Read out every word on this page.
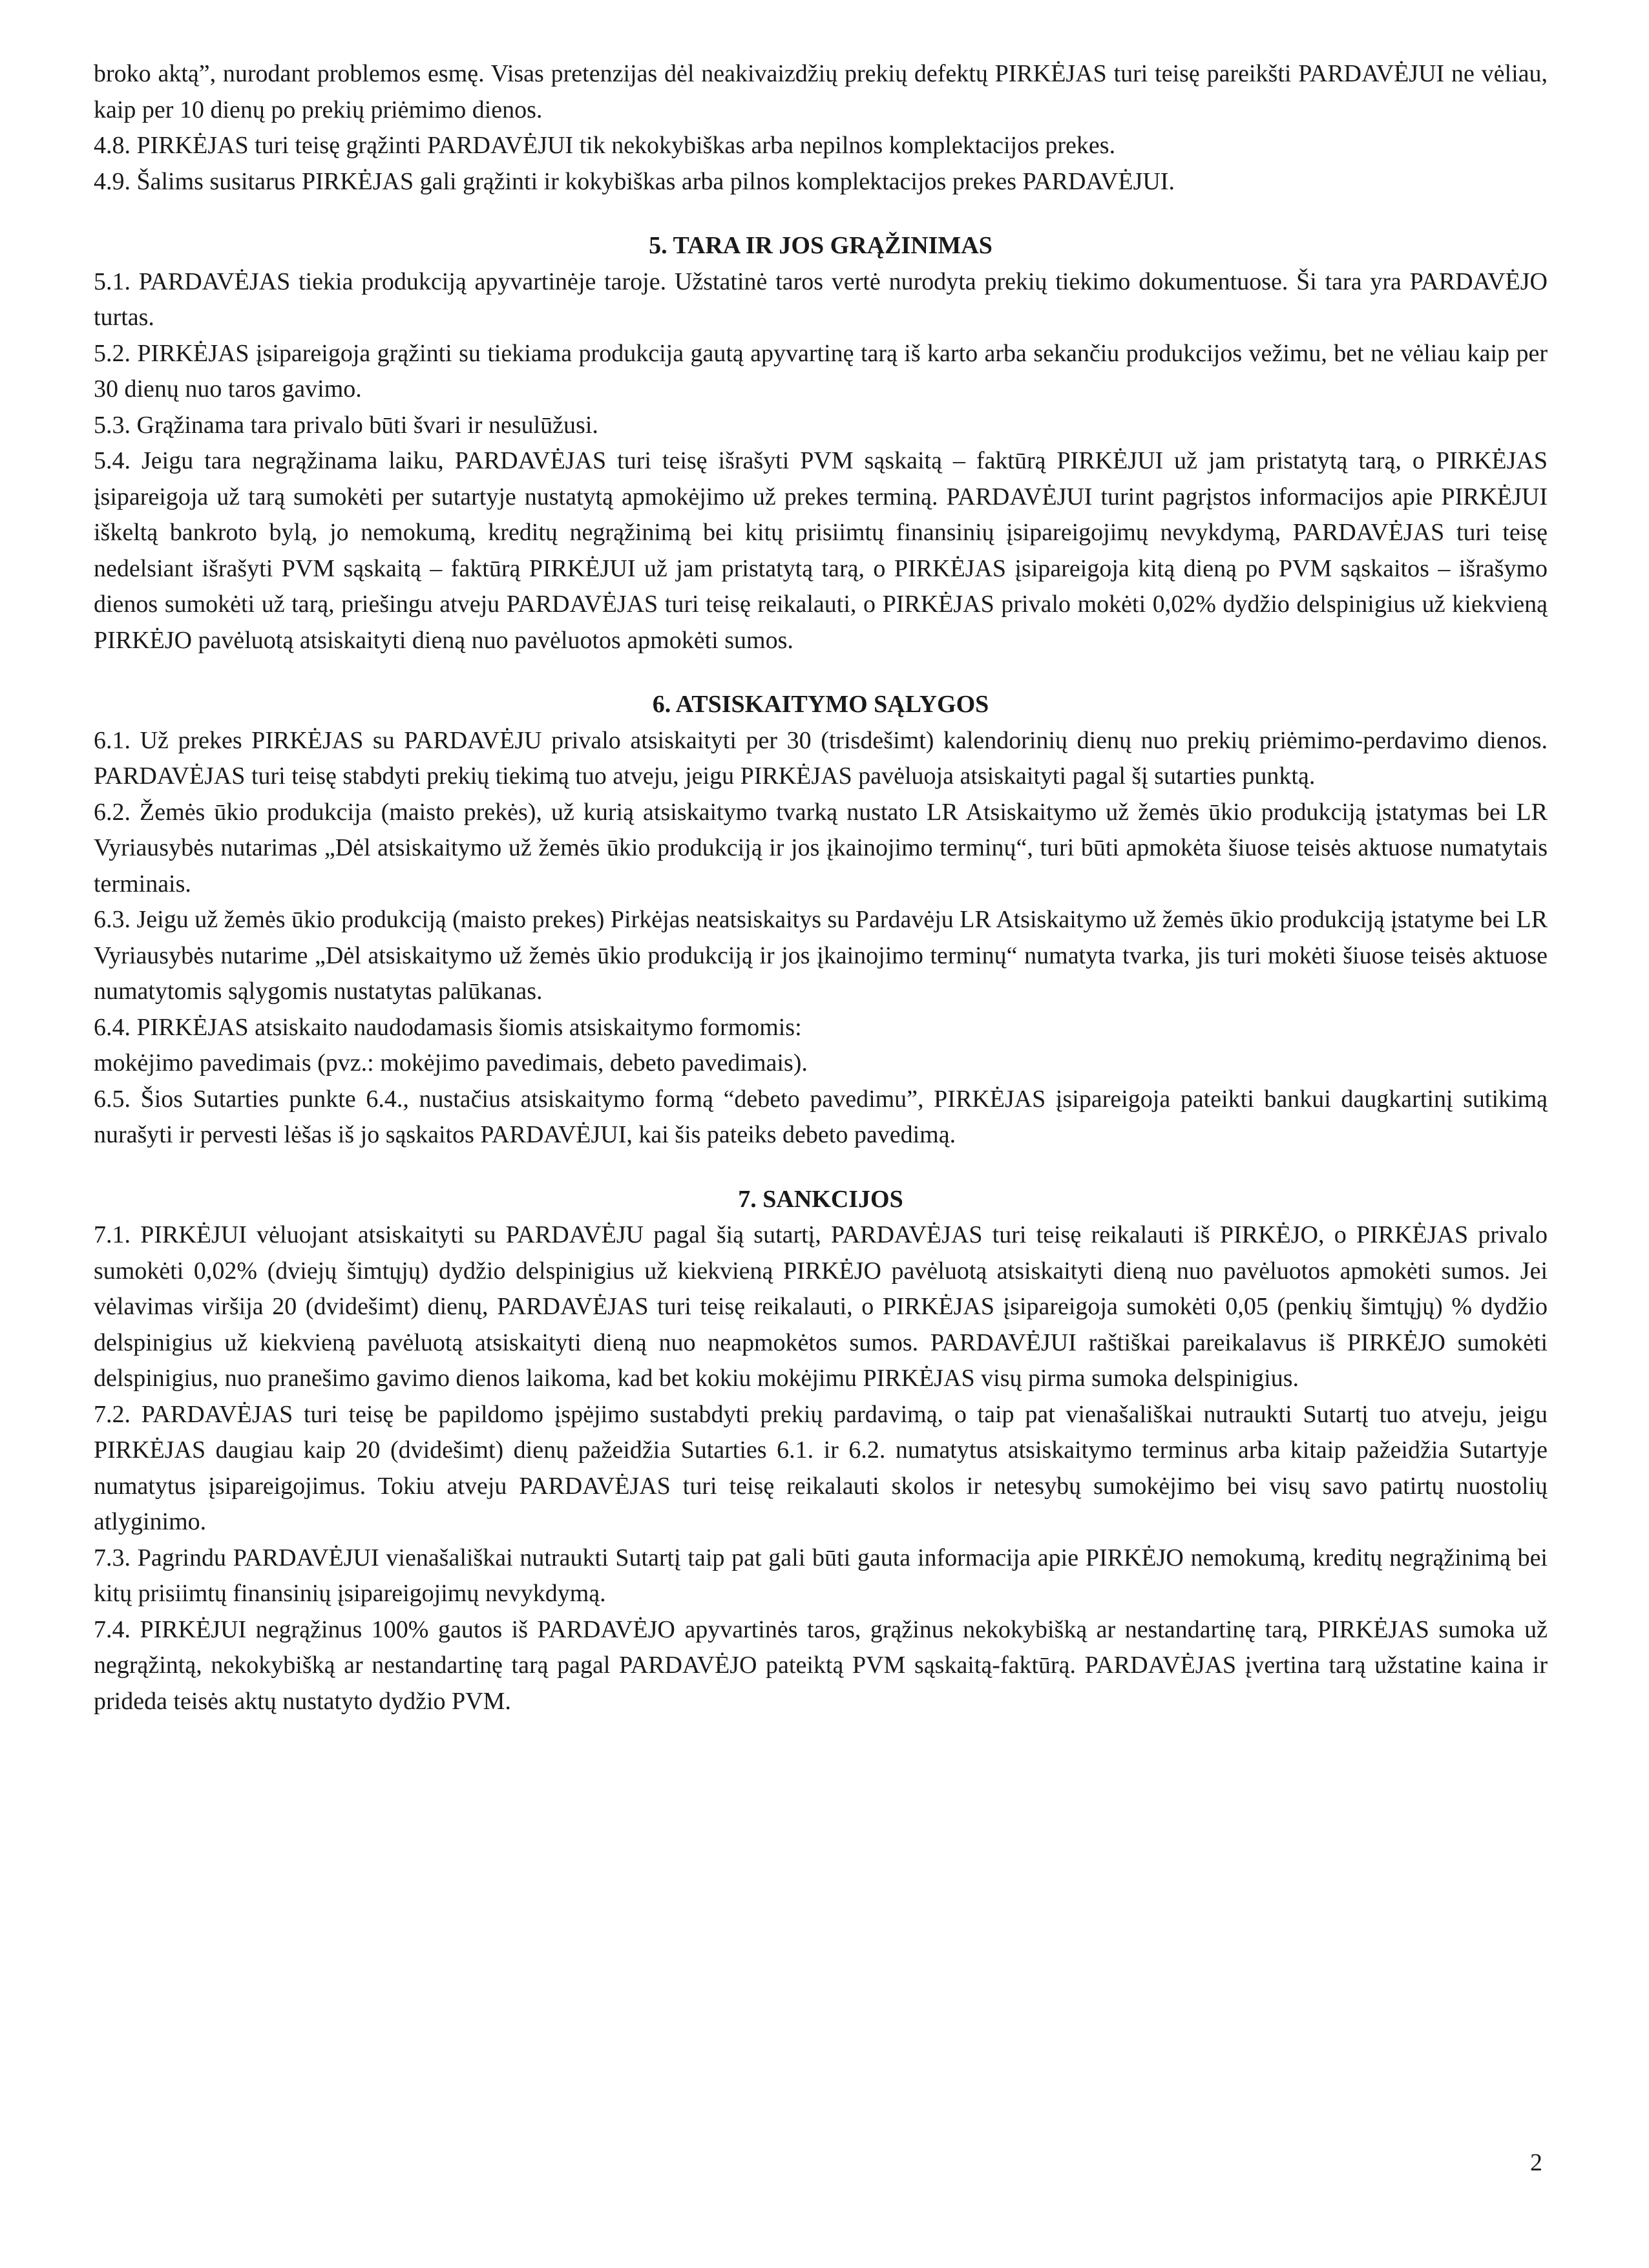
broko aktą”, nurodant problemos esmę. Visas pretenzijas dėl neakivaizdžių prekių defektų PIRKĖJAS turi teisę pareikšti PARDAVĖJUI ne vėliau, kaip per 10 dienų po prekių priėmimo dienos.

4.8. PIRKĖJAS turi teisę grąžinti PARDAVĖJUI tik nekokybiškas arba nepilnos komplektacijos prekes.

4.9. Šalims susitarus PIRKĖJAS gali grąžinti ir kokybiškas arba pilnos komplektacijos prekes PARDAVĖJUI.

5. TARA IR JOS GRĄŽINIMAS

5.1. PARDAVĖJAS tiekia produkciją apyvartinėje taroje. Užstatinė taros vertė nurodyta prekių tiekimo dokumentuose. Ši tara yra PARDAVĖJO turtas.

5.2. PIRKĖJAS įsipareigoja grąžinti su tiekiama produkcija gautą apyvartinę tarą iš karto arba sekančiu produkcijos vežimu, bet ne vėliau kaip per 30 dienų nuo taros gavimo.

5.3. Grąžinama tara privalo būti švari ir nesulūžusi.

5.4. Jeigu tara negrąžinama laiku, PARDAVĖJAS turi teisę išrašyti PVM sąskaitą – faktūrą PIRKĖJUI už jam pristatytą tarą, o PIRKĖJAS įsipareigoja už tarą sumokėti per sutartyje nustatytą apmokėjimo už prekes terminą. PARDAVĖJUI turint pagrįstos informacijos apie PIRKĖJUI iškeltą bankroto bylą, jo nemokumą, kreditų negrąžinimą bei kitų prisiimtų finansinių įsipareigojimų nevykdymą, PARDAVĖJAS turi teisę nedelsiant išrašyti PVM sąskaitą – faktūrą PIRKĖJUI už jam pristatytą tarą, o PIRKĖJAS įsipareigoja kitą dieną po PVM sąskaitos – išrašymo dienos sumokėti už tarą, priešingu atveju PARDAVĖJAS turi teisę reikalauti, o PIRKĖJAS privalo mokėti 0,02% dydžio delspinigius už kiekvieną PIRKĖJO pavėluotą atsiskaityti dieną nuo pavėluotos apmokėti sumos.

6. ATSISKAITYMO SĄLYGOS

6.1. Už prekes PIRKĖJAS su PARDAVĖJU privalo atsiskaityti per 30 (trisdešimt) kalendorinių dienų nuo prekių priėmimo-perdavimo dienos. PARDAVĖJAS turi teisę stabdyti prekių tiekimą tuo atveju, jeigu PIRKĖJAS pavėluoja atsiskaityti pagal šį sutarties punktą.

6.2. Žemės ūkio produkcija (maisto prekės), už kurią atsiskaitymo tvarką nustato LR Atsiskaitymo už žemės ūkio produkciją įstatymas bei LR Vyriausybės nutarimas „Dėl atsiskaitymo už žemės ūkio produkciją ir jos įkainojimo terminų“, turi būti apmokėta šiuose teisės aktuose numatytais terminais.

6.3. Jeigu už žemės ūkio produkciją (maisto prekes) Pirkėjas neatsiskaitys su Pardavėju LR Atsiskaitymo už žemės ūkio produkciją įstatyme bei LR Vyriausybės nutarime „Dėl atsiskaitymo už žemės ūkio produkciją ir jos įkainojimo terminų“ numatyta tvarka, jis turi mokėti šiuose teisės aktuose numatytomis sąlygomis nustatytas palūkanas.

6.4. PIRKĖJAS atsiskaito naudodamasis šiomis atsiskaitymo formomis:

mokėjimo pavedimais (pvz.: mokėjimo pavedimais, debeto pavedimais).

6.5. Šios Sutarties punkte 6.4., nustačius atsiskaitymo formą “debeto pavedimu”, PIRKĖJAS įsipareigoja pateikti bankui daugkartinį sutikimą nurašyti ir pervesti lėšas iš jo sąskaitos PARDAVĖJUI, kai šis pateiks debeto pavedimą.

7. SANKCIJOS

7.1. PIRKĖJUI vėluojant atsiskaityti su PARDAVĖJU pagal šią sutartį, PARDAVĖJAS turi teisę reikalauti iš PIRKĖJO, o PIRKĖJAS privalo sumokėti 0,02% (dviejų šimtųjų) dydžio delspinigius už kiekvieną PIRKĖJO pavėluotą atsiskaityti dieną nuo pavėluotos apmokėti sumos. Jei vėlavimas viršija 20 (dvidešimt) dienų, PARDAVĖJAS turi teisę reikalauti, o PIRKĖJAS įsipareigoja sumokėti 0,05 (penkių šimtųjų) % dydžio delspinigius už kiekvieną pavėluotą atsiskaityti dieną nuo neapmokėtos sumos. PARDAVĖJUI raštiškai pareikalavus iš PIRKĖJO sumokėti delspinigius, nuo pranešimo gavimo dienos laikoma, kad bet kokiu mokėjimu PIRKĖJAS visų pirma sumoka delspinigius.

7.2. PARDAVĖJAS turi teisę be papildomo įspėjimo sustabdyti prekių pardavimą, o taip pat vienašališkai nutraukti Sutartį tuo atveju, jeigu PIRKĖJAS daugiau kaip 20 (dvidešimt) dienų pažeidžia Sutarties 6.1. ir 6.2. numatytus atsiskaitymo terminus arba kitaip pažeidžia Sutartyje numatytus įsipareigojimus. Tokiu atveju PARDAVĖJAS turi teisę reikalauti skolos ir netesybų sumokėjimo bei visų savo patirtų nuostolių atlyginimo.

7.3. Pagrindu PARDAVĖJUI vienašališkai nutraukti Sutartį taip pat gali būti gauta informacija apie PIRKĖJO nemokumą, kreditų negrąžinimą bei kitų prisiimtų finansinių įsipareigojimų nevykdymą.

7.4. PIRKĖJUI negrąžinus 100% gautos iš PARDAVĖJO apyvartinės taros, grąžinus nekokybišką ar nestandartinę tarą, PIRKĖJAS sumoka už negrąžintą, nekokybišką ar nestandartinę tarą pagal PARDAVĖJO pateiktą PVM sąskaitą-faktūrą. PARDAVĖJAS įvertina tarą užstatine kaina ir prideda teisės aktų nustatyto dydžio PVM.

2
